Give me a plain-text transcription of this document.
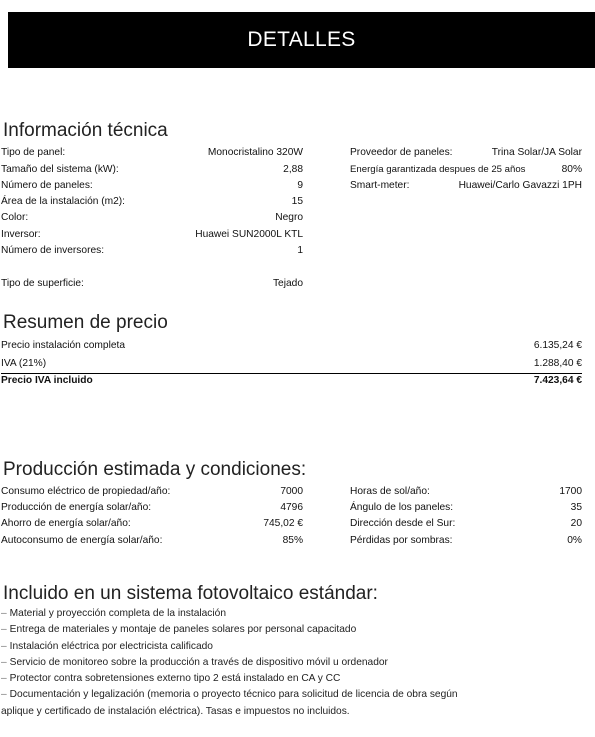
DETALLES
Información técnica
Tipo de panel:	Monocristalino 320W
Tamaño del sistema (kW):	2,88
Número de paneles:	9
Área de la instalación (m2):	15
Color:	Negro
Inversor:	Huawei SUN2000L KTL
Número de inversores:	1
Tipo de superficie:	Tejado
Proveedor de paneles:	Trina Solar/JA Solar
Energía garantizada despues de 25 años	80%
Smart-meter:	Huawei/Carlo Gavazzi 1PH
Resumen de precio
Precio instalación completa	6.135,24 €
IVA (21%)	1.288,40 €
Precio IVA incluido	7.423,64 €
Producción estimada y condiciones:
Consumo eléctrico de propiedad/año:	7000
Producción de energía solar/año:	4796
Ahorro de energía solar/año:	745,02 €
Autoconsumo de energía solar/año:	85%
Horas de sol/año:	1700
Ángulo de los paneles:	35
Dirección desde el Sur:	20
Pérdidas por sombras:	0%
Incluido en un sistema fotovoltaico estándar:
– Material y proyección completa de la instalación
– Entrega de materiales y montaje de paneles solares por personal capacitado
– Instalación eléctrica por electricista calificado
– Servicio de monitoreo sobre la producción a través de dispositivo móvil u ordenador
– Protector contra sobretensiones externo tipo 2 está instalado en CA y CC
– Documentación y legalización (memoria o proyecto técnico para solicitud de licencia de obra según aplique y certificado de instalación eléctrica). Tasas e impuestos no incluidos.
